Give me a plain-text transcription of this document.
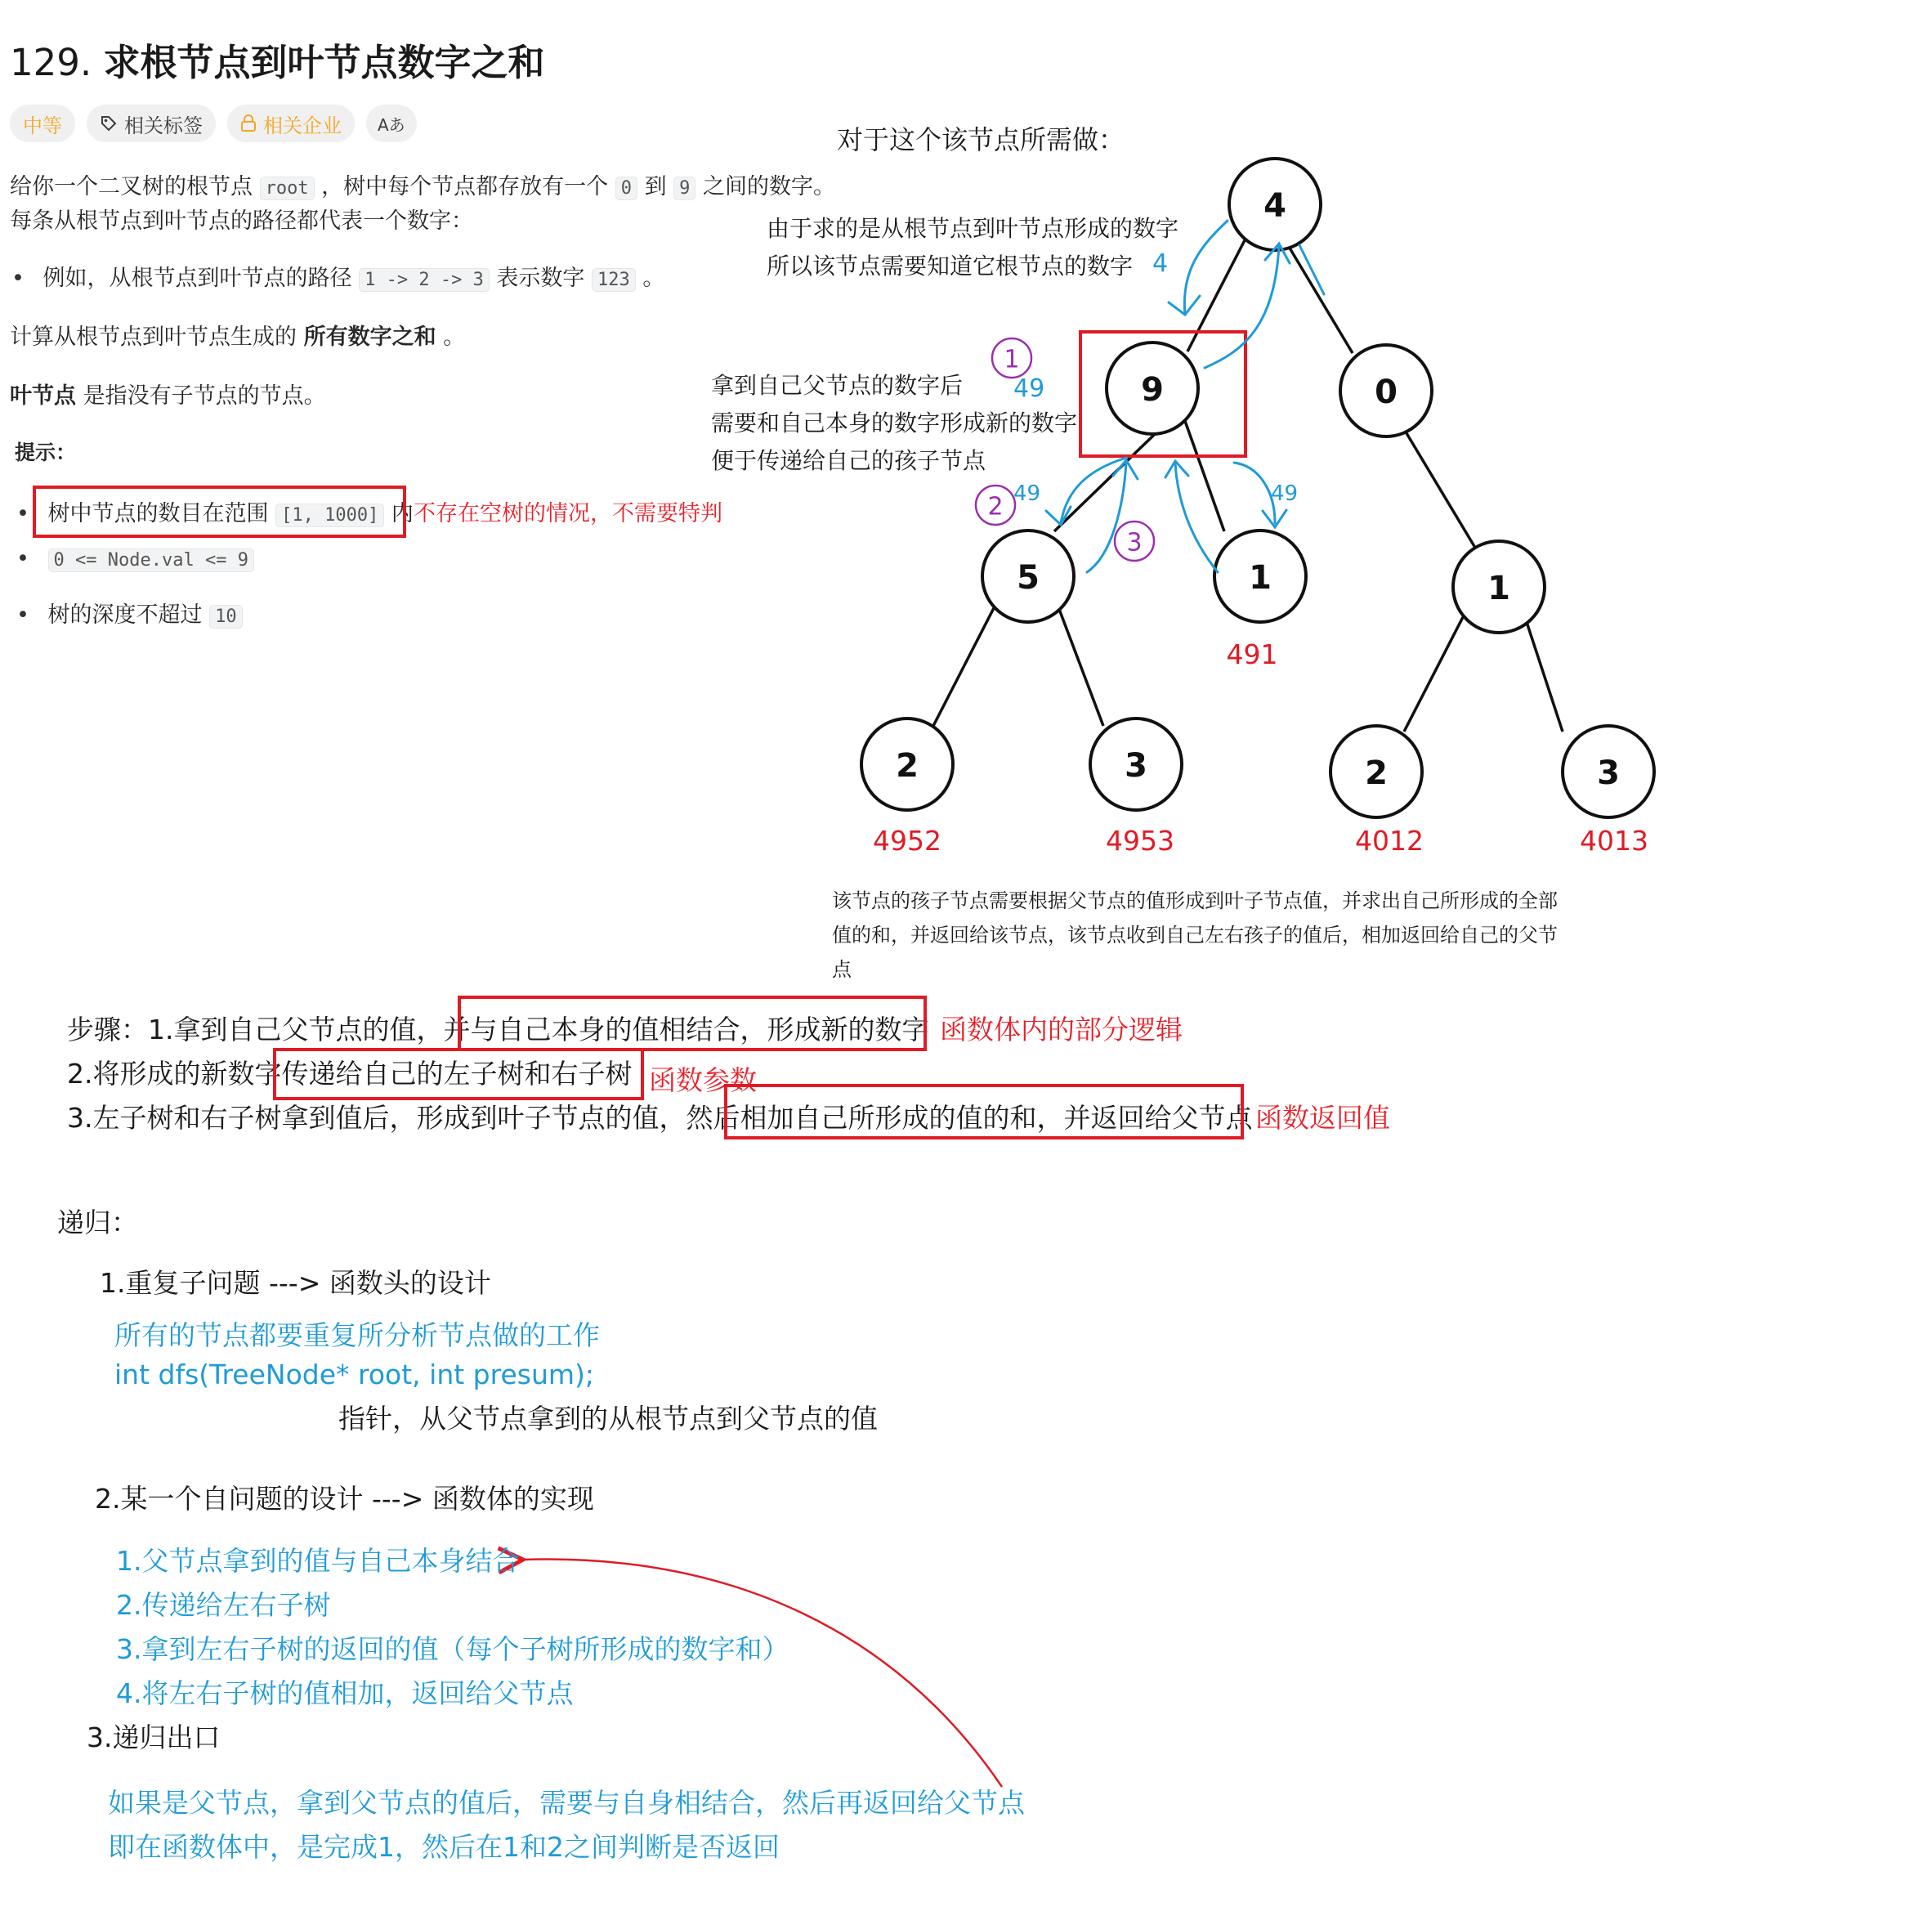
129. 求根节点到叶节点数字之和
中等	相关标签	相关企业 Aあ
给你一个二叉树的根节点 root ，树中每个节点都存放有一个 0 到 9 之间的数字。
每条从根节点到叶节点的路径都代表一个数字：
• 例如，从根节点到叶节点的路径 1 -> 2 -> 3 表示数字 123 。
计算从根节点到叶节点生成的 所有数字之和 。
叶节点 是指没有子节点的节点。
提示：
• 树中节点的数目在范围 [1, 1000] 内 不存在空树的情况，不需要特判
• 0 <= Node.val <= 9
• 树的深度不超过 10
4
9	0
5	1	1
2	3	2	3
1
2
3
4
49
49	49
491
4952	4953	4012	4013
对于这个该节点所需做：
由于求的是从根节点到叶节点形成的数字
所以该节点需要知道它根节点的数字
拿到自己父节点的数字后
需要和自己本身的数字形成新的数字
便于传递给自己的孩子节点
该节点的孩子节点需要根据父节点的值形成到叶子节点值，并求出自己所形成的全部
值的和，并返回给该节点，该节点收到自己左右孩子的值后，相加返回给自己的父节
点
步骤：1.拿到自己父节点的值，并与自己本身的值相结合，形成新的数字 函数体内的部分逻辑
2.将形成的新数字传递给自己的左子树和右子树 函数参数
3.左子树和右子树拿到值后，形成到叶子节点的值，然后相加自己所形成的值的和，并返回给父节点 函数返回值
递归：
1.重复子问题 ---> 函数头的设计
所有的节点都要重复所分析节点做的工作
int dfs(TreeNode* root, int presum);
指针，从父节点拿到的从根节点到父节点的值
2.某一个自问题的设计 ---> 函数体的实现
1.父节点拿到的值与自己本身结合
2.传递给左右子树
3.拿到左右子树的返回的值（每个子树所形成的数字和）
4.将左右子树的值相加，返回给父节点
3.递归出口
如果是父节点，拿到父节点的值后，需要与自身相结合，然后再返回给父节点
即在函数体中，是完成1，然后在1和2之间判断是否返回
